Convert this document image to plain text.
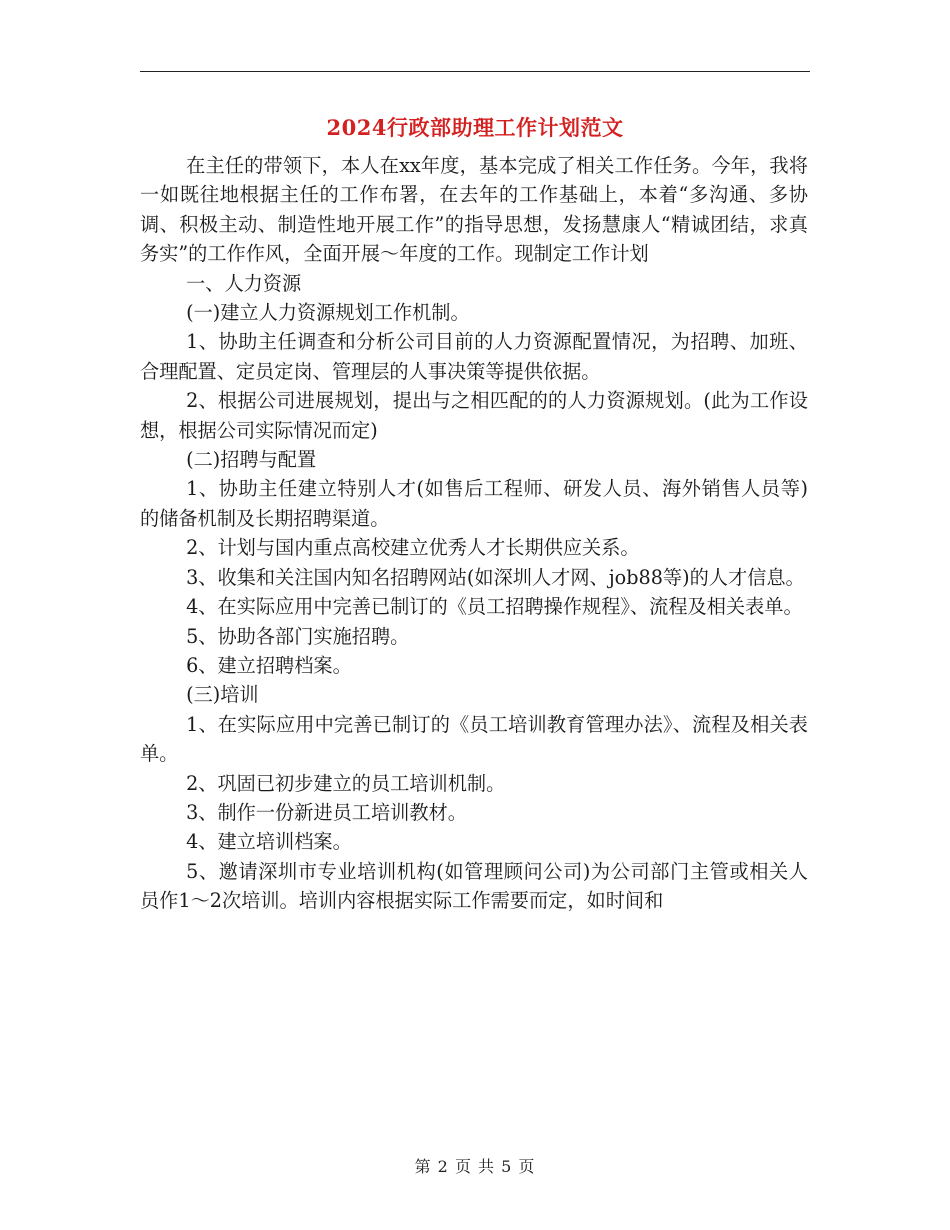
2024行政部助理工作计划范文

在主任的带领下，本人在xx年度，基本完成了相关工作任务。今年，我将一如既往地根据主任的工作布署，在去年的工作基础上，本着“多沟通、多协调、积极主动、制造性地开展工作”的指导思想，发扬慧康人“精诚团结，求真务实”的工作作风，全面开展～年度的工作。现制定工作计划

一、人力资源

(一)建立人力资源规划工作机制。

1、协助主任调查和分析公司目前的人力资源配置情况，为招聘、加班、合理配置、定员定岗、管理层的人事决策等提供依据。

2、根据公司进展规划，提出与之相匹配的的人力资源规划。(此为工作设想，根据公司实际情况而定)

(二)招聘与配置

1、协助主任建立特别人才(如售后工程师、研发人员、海外销售人员等)的储备机制及长期招聘渠道。

2、计划与国内重点高校建立优秀人才长期供应关系。

3、收集和关注国内知名招聘网站(如深圳人才网、job88等)的人才信息。

4、在实际应用中完善已制订的《员工招聘操作规程》、流程及相关表单。

5、协助各部门实施招聘。

6、建立招聘档案。

(三)培训

1、在实际应用中完善已制订的《员工培训教育管理办法》、流程及相关表单。

2、巩固已初步建立的员工培训机制。

3、制作一份新进员工培训教材。

4、建立培训档案。

5、邀请深圳市专业培训机构(如管理顾问公司)为公司部门主管或相关人员作1～2次培训。培训内容根据实际工作需要而定，如时间和

第 2 页 共 5 页
